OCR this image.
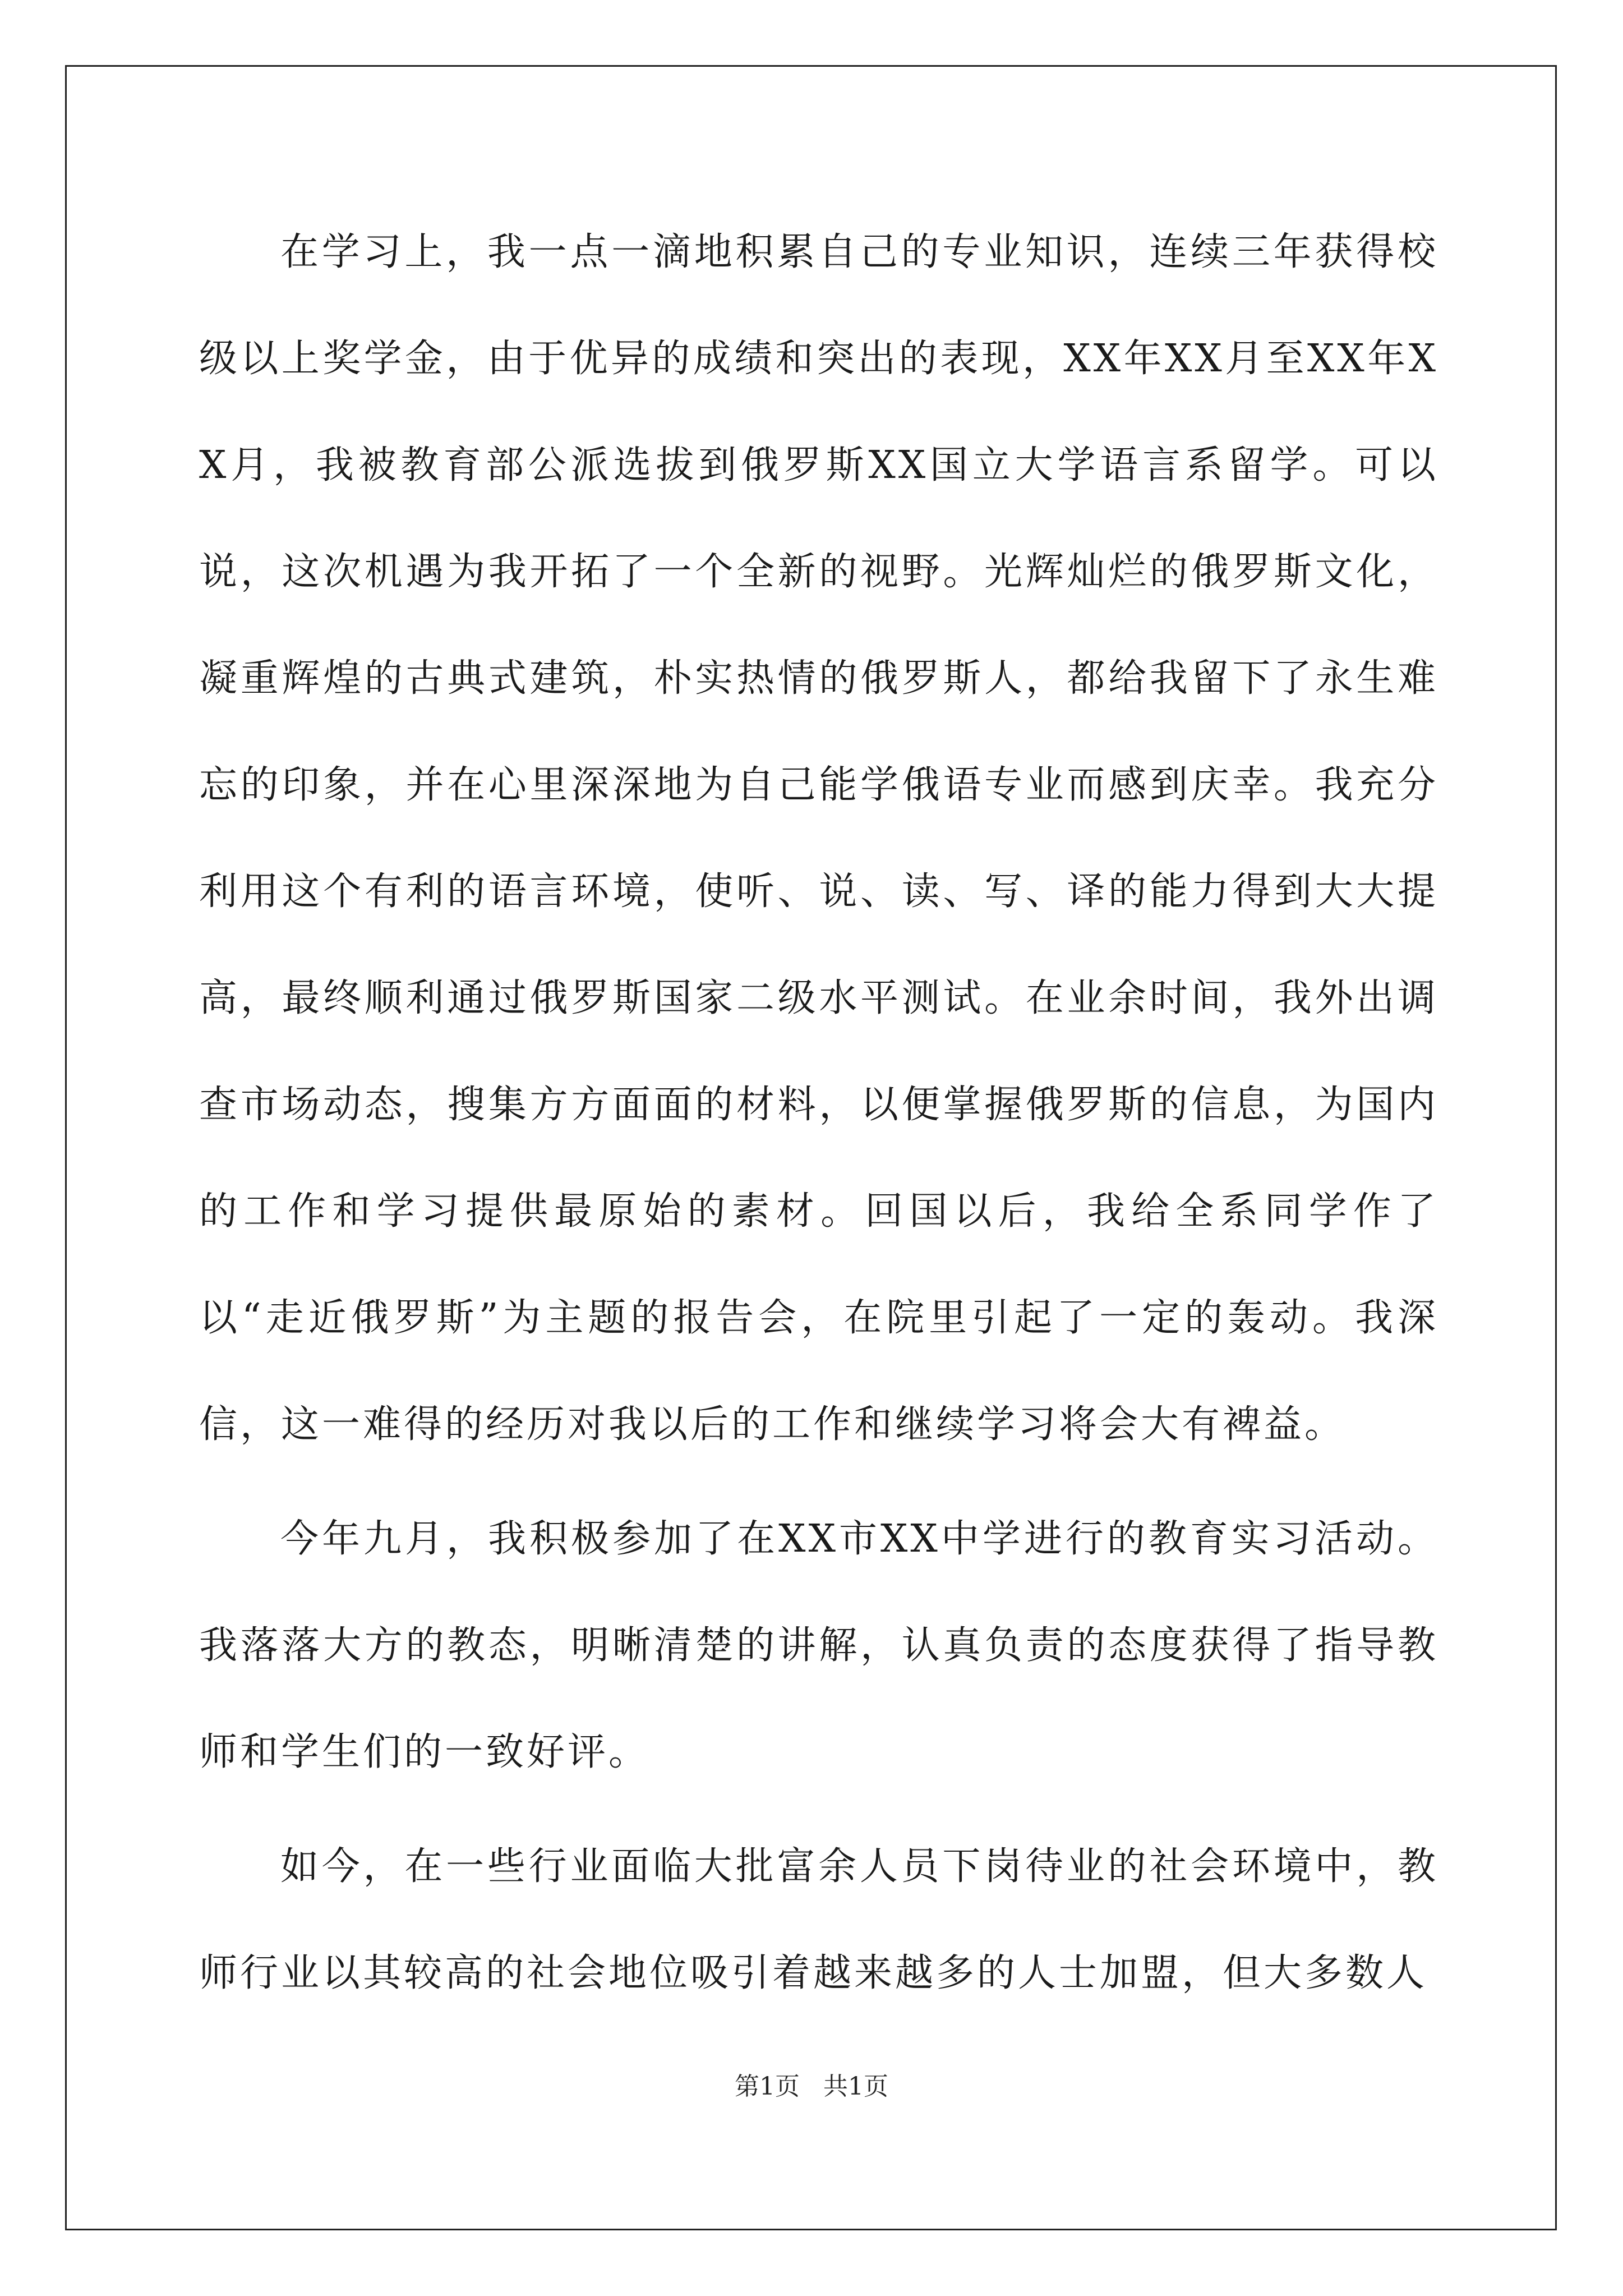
在学习上，我一点一滴地积累自己的专业知识，连续三年获得校级以上奖学金，由于优异的成绩和突出的表现，XX年XX月至XX年XX月，我被教育部公派选拔到俄罗斯XX国立大学语言系留学。可以说，这次机遇为我开拓了一个全新的视野。光辉灿烂的俄罗斯文化，凝重辉煌的古典式建筑，朴实热情的俄罗斯人，都给我留下了永生难忘的印象，并在心里深深地为自己能学俄语专业而感到庆幸。我充分利用这个有利的语言环境，使听、说、读、写、译的能力得到大大提高，最终顺利通过俄罗斯国家二级水平测试。在业余时间，我外出调查市场动态，搜集方方面面的材料，以便掌握俄罗斯的信息，为国内的工作和学习提供最原始的素材。回国以后，我给全系同学作了以“走近俄罗斯”为主题的报告会，在院里引起了一定的轰动。我深信，这一难得的经历对我以后的工作和继续学习将会大有裨益。

今年九月，我积极参加了在XX市XX中学进行的教育实习活动。我落落大方的教态，明晰清楚的讲解，认真负责的态度获得了指导教师和学生们的一致好评。

如今，在一些行业面临大批富余人员下岗待业的社会环境中，教师行业以其较高的社会地位吸引着越来越多的人士加盟，但大多数人

第1页   共1页
